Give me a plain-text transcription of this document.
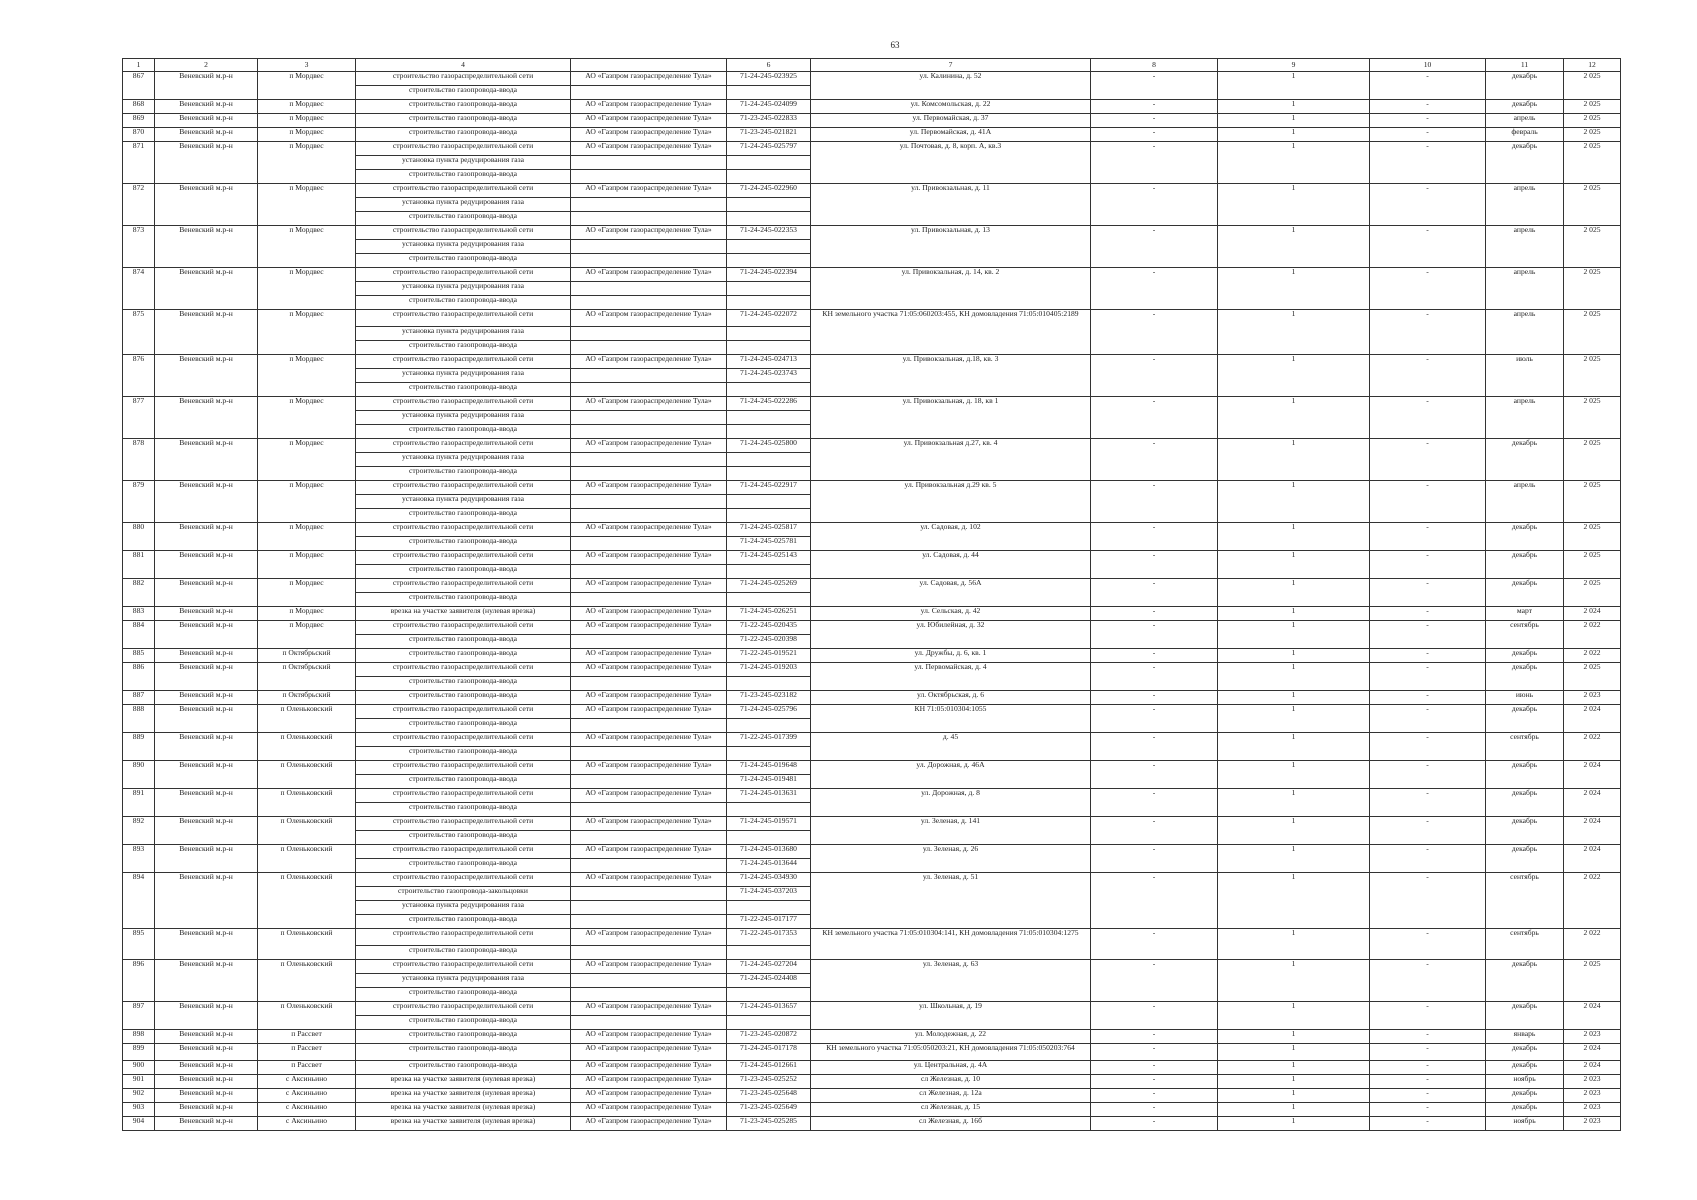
63
1	2	3	4		6	7	8	9	10	11	12
867	Веневский м.р-н	п Мордвес	строительство газораспределительной сети	АО «Газпром газораспределение Тула»	71-24-245-023925	ул. Калинина, д. 52	-	1	-	декабрь	2 025
			строительство газопровода-ввода								
868	Веневский м.р-н	п Мордвес	строительство газопровода-ввода	АО «Газпром газораспределение Тула»	71-24-245-024099	ул. Комсомольская, д. 22	-	1	-	декабрь	2 025
869	Веневский м.р-н	п Мордвес	строительство газопровода-ввода	АО «Газпром газораспределение Тула»	71-23-245-022833	ул. Первомайская, д. 37	-	1	-	апрель	2 025
870	Веневский м.р-н	п Мордвес	строительство газопровода-ввода	АО «Газпром газораспределение Тула»	71-23-245-021821	ул. Первомайская, д. 41А	-	1	-	февраль	2 025
871	Веневский м.р-н	п Мордвес	строительство газораспределительной сети	АО «Газпром газораспределение Тула»	71-24-245-025797	ул. Почтовая, д. 8, корп. А, кв.3	-	1	-	декабрь	2 025
			установка пункта редуцирования газа								
			строительство газопровода-ввода								
872	Веневский м.р-н	п Мордвес	строительство газораспределительной сети	АО «Газпром газораспределение Тула»	71-24-245-022960	ул. Привокзальная, д. 11	-	1	-	апрель	2 025
			установка пункта редуцирования газа								
			строительство газопровода-ввода								
873	Веневский м.р-н	п Мордвес	строительство газораспределительной сети	АО «Газпром газораспределение Тула»	71-24-245-022353	ул. Привокзальная, д. 13	-	1	-	апрель	2 025
			установка пункта редуцирования газа								
			строительство газопровода-ввода								
874	Веневский м.р-н	п Мордвес	строительство газораспределительной сети	АО «Газпром газораспределение Тула»	71-24-245-022394	ул. Привокзальная, д. 14, кв. 2	-	1	-	апрель	2 025
			установка пункта редуцирования газа								
			строительство газопровода-ввода								
875	Веневский м.р-н	п Мордвес	строительство газораспределительной сети	АО «Газпром газораспределение Тула»	71-24-245-022072	КН земельного участка 71:05:060203:455, КН домовладения 71:05:010405:2189	-	1	-	апрель	2 025
			установка пункта редуцирования газа								
			строительство газопровода-ввода								
876	Веневский м.р-н	п Мордвес	строительство газораспределительной сети	АО «Газпром газораспределение Тула»	71-24-245-024713	ул. Привокзальная, д.18, кв. 3	-	1	-	июль	2 025
			установка пункта редуцирования газа		71-24-245-023743						
			строительство газопровода-ввода								
877	Веневский м.р-н	п Мордвес	строительство газораспределительной сети	АО «Газпром газораспределение Тула»	71-24-245-022286	ул. Привокзальная, д. 18, кв 1	-	1	-	апрель	2 025
			установка пункта редуцирования газа								
			строительство газопровода-ввода								
878	Веневский м.р-н	п Мордвес	строительство газораспределительной сети	АО «Газпром газораспределение Тула»	71-24-245-025800	ул. Привокзальная д.27, кв. 4	-	1	-	декабрь	2 025
			установка пункта редуцирования газа								
			строительство газопровода-ввода								
879	Веневский м.р-н	п Мордвес	строительство газораспределительной сети	АО «Газпром газораспределение Тула»	71-24-245-022917	ул. Привокзальная д.29 кв. 5	-	1	-	апрель	2 025
			установка пункта редуцирования газа								
			строительство газопровода-ввода								
880	Веневский м.р-н	п Мордвес	строительство газораспределительной сети	АО «Газпром газораспределение Тула»	71-24-245-025817	ул. Садовая, д. 102	-	1	-	декабрь	2 025
			строительство газопровода-ввода		71-24-245-025781						
881	Веневский м.р-н	п Мордвес	строительство газораспределительной сети	АО «Газпром газораспределение Тула»	71-24-245-025143	ул. Садовая, д. 44	-	1	-	декабрь	2 025
			строительство газопровода-ввода								
882	Веневский м.р-н	п Мордвес	строительство газораспределительной сети	АО «Газпром газораспределение Тула»	71-24-245-025269	ул. Садовая, д. 56А	-	1	-	декабрь	2 025
			строительство газопровода-ввода								
883	Веневский м.р-н	п Мордвес	врезка на участке заявителя (нулевая врезка)	АО «Газпром газораспределение Тула»	71-24-245-026251	ул. Сельская, д. 42	-	1	-	март	2 024
884	Веневский м.р-н	п Мордвес	строительство газораспределительной сети	АО «Газпром газораспределение Тула»	71-22-245-020435	ул. Юбилейная, д. 32	-	1	-	сентябрь	2 022
			строительство газопровода-ввода		71-22-245-020398						
885	Веневский м.р-н	п Октябрьский	строительство газопровода-ввода	АО «Газпром газораспределение Тула»	71-22-245-019521	ул. Дружбы, д. 6, кв. 1	-	1	-	декабрь	2 022
886	Веневский м.р-н	п Октябрьский	строительство газораспределительной сети	АО «Газпром газораспределение Тула»	71-24-245-019203	ул. Первомайская, д. 4	-	1	-	декабрь	2 025
			строительство газопровода-ввода								
887	Веневский м.р-н	п Октябрьский	строительство газопровода-ввода	АО «Газпром газораспределение Тула»	71-23-245-023182	ул. Октябрьская, д. 6	-	1	-	июнь	2 023
888	Веневский м.р-н	п Оленьковский	строительство газораспределительной сети	АО «Газпром газораспределение Тула»	71-24-245-025796	КН 71:05:010304:1055	-	1	-	декабрь	2 024
			строительство газопровода-ввода								
889	Веневский м.р-н	п Оленьковский	строительство газораспределительной сети	АО «Газпром газораспределение Тула»	71-22-245-017399	д. 45	-	1	-	сентябрь	2 022
			строительство газопровода-ввода								
890	Веневский м.р-н	п Оленьковский	строительство газораспределительной сети	АО «Газпром газораспределение Тула»	71-24-245-019648	ул. Дорожная, д. 46А	-	1	-	декабрь	2 024
			строительство газопровода-ввода		71-24-245-019481						
891	Веневский м.р-н	п Оленьковский	строительство газораспределительной сети	АО «Газпром газораспределение Тула»	71-24-245-013631	ул. Дорожная, д. 8	-	1	-	декабрь	2 024
			строительство газопровода-ввода								
892	Веневский м.р-н	п Оленьковский	строительство газораспределительной сети	АО «Газпром газораспределение Тула»	71-24-245-019571	ул. Зеленая, д. 141	-	1	-	декабрь	2 024
			строительство газопровода-ввода								
893	Веневский м.р-н	п Оленьковский	строительство газораспределительной сети	АО «Газпром газораспределение Тула»	71-24-245-013680	ул. Зеленая, д. 26	-	1	-	декабрь	2 024
			строительство газопровода-ввода		71-24-245-013644						
894	Веневский м.р-н	п Оленьковский	строительство газораспределительной сети	АО «Газпром газораспределение Тула»	71-24-245-034930	ул. Зеленая, д. 51	-	1	-	сентябрь	2 022
			строительство газопровода-закольцовки		71-24-245-037203						
			установка пункта редуцирования газа								
			строительство газопровода-ввода		71-22-245-017177						
895	Веневский м.р-н	п Оленьковский	строительство газораспределительной сети	АО «Газпром газораспределение Тула»	71-22-245-017353	КН земельного участка 71:05:010304:141, КН домовладения 71:05:010304:1275	-	1	-	сентябрь	2 022
			строительство газопровода-ввода								
896	Веневский м.р-н	п Оленьковский	строительство газораспределительной сети	АО «Газпром газораспределение Тула»	71-24-245-027204	ул. Зеленая, д. 63	-	1	-	декабрь	2 025
			установка пункта редуцирования газа		71-24-245-024408						
			строительство газопровода-ввода								
897	Веневский м.р-н	п Оленьковский	строительство газораспределительной сети	АО «Газпром газораспределение Тула»	71-24-245-013657	ул. Школьная, д. 19	-	1	-	декабрь	2 024
			строительство газопровода-ввода								
898	Веневский м.р-н	п Рассвет	строительство газопровода-ввода	АО «Газпром газораспределение Тула»	71-23-245-020872	ул. Молодежная, д. 22	-	1	-	январь	2 023
899	Веневский м.р-н	п Рассвет	строительство газопровода-ввода	АО «Газпром газораспределение Тула»	71-24-245-017178	КН земельного участка 71:05:050203:21, КН домовладения 71:05:050203:764	-	1	-	декабрь	2 024
900	Веневский м.р-н	п Рассвет	строительство газопровода-ввода	АО «Газпром газораспределение Тула»	71-24-245-012661	ул. Центральная, д. 4А	-	1	-	декабрь	2 024
901	Веневский м.р-н	с Аксиньино	врезка на участке заявителя (нулевая врезка)	АО «Газпром газораспределение Тула»	71-23-245-025252	сл Железная, д. 10	-	1	-	ноябрь	2 023
902	Веневский м.р-н	с Аксиньино	врезка на участке заявителя (нулевая врезка)	АО «Газпром газораспределение Тула»	71-23-245-025648	сл Железная, д. 12а	-	1	-	декабрь	2 023
903	Веневский м.р-н	с Аксиньино	врезка на участке заявителя (нулевая врезка)	АО «Газпром газораспределение Тула»	71-23-245-025649	сл Железная, д. 15	-	1	-	декабрь	2 023
904	Веневский м.р-н	с Аксиньино	врезка на участке заявителя (нулевая врезка)	АО «Газпром газораспределение Тула»	71-23-245-025285	сл Железная, д. 16б	-	1	-	ноябрь	2 023
